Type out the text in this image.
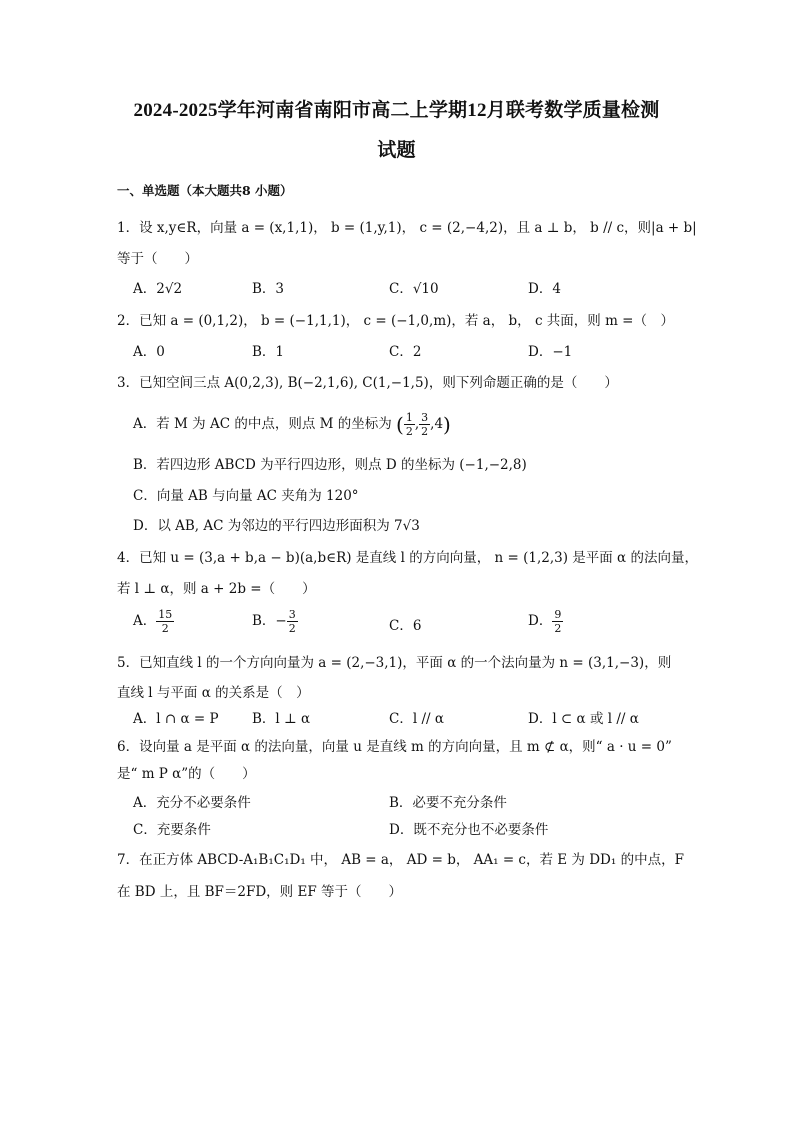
2024-2025学年河南省南阳市高二上学期12月联考数学质量检测
试题
一、单选题（本大题共8 小题）
1．设 x,y∈R，向量 a = (x,1,1)， b = (1,y,1)， c = (2,−4,2)，且 a ⊥ b， b // c，则|a + b|
等于（　　）
A．2√2	B．3	C．√10	D．4
2．已知 a = (0,1,2)， b = (−1,1,1)， c = (−1,0,m)，若 a， b， c 共面，则 m =（　）
A．0	B．1	C．2	D．−1
3．已知空间三点 A(0,2,3), B(−2,1,6), C(1,−1,5)，则下列命题正确的是（　　）
A．若 M 为 AC 的中点，则点 M 的坐标为 ( $\frac{1}{2}$ , $\frac{3}{2} ,4$)
B．若四边形 ABCD 为平行四边形，则点 D 的坐标为 (−1,−2,8)
C．向量 AB 与向量 AC 夹角为 120°
D．以 AB, AC 为邻边的平行四边形面积为 7√3
4．已知 u = (3,a + b,a − b)(a,b∈R) 是直线 l 的方向向量， n = (1,2,3) 是平面 α 的法向量，
若 l ⊥ α，则 a + 2b =（　　）
A． $\frac{15}{2}$	B．− $\frac{3}{2}$	C．6	D． $\frac{9}{2}$
5．已知直线 l 的一个方向向量为 a = (2,−3,1)，平面 α 的一个法向量为 n = (3,1,−3)，则
直线 l 与平面 α 的关系是（　）
A．l ∩ α = P B．l ⊥ α	C．l // α	D．l ⊂ α 或 l // α
6．设向量 a 是平面 α 的法向量，向量 u 是直线 m 的方向向量，且 m ⊄ α，则“ a · u = 0”
是“ m P α”的（　　）
A．充分不必要条件	B．必要不充分条件
C．充要条件	D．既不充分也不必要条件
7．在正方体 ABCD-A₁B₁C₁D₁ 中， AB = a， AD = b， AA₁ = c，若 E 为 DD₁ 的中点，F
在 BD 上，且 BF＝2FD，则 EF 等于（　　）
